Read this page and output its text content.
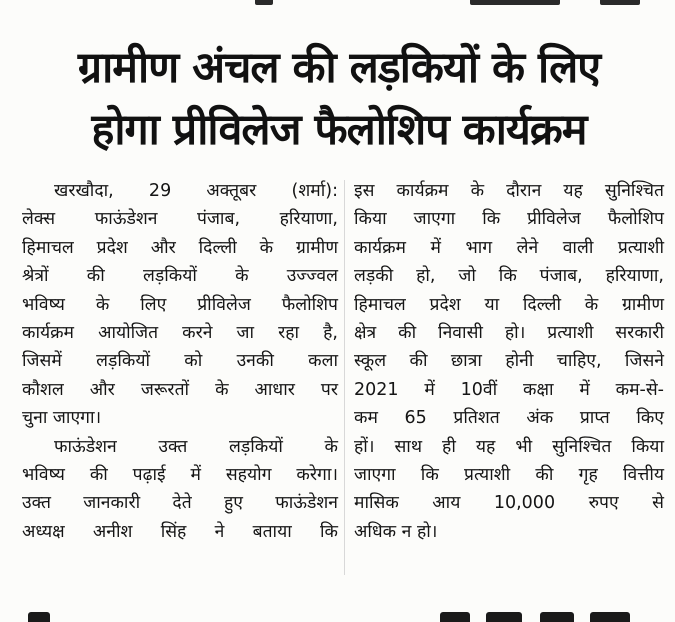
ग्रामीण अंचल की लड़कियों के लिए
होगा प्रीविलेज फैलोशिप कार्यक्रम
खरखौदा, 29 अक्तूबर (शर्मा):
लेक्स फाऊंडेशन पंजाब, हरियाणा,
हिमाचल प्रदेश और दिल्ली के ग्रामीण
श्रेत्रों की लड़कियों के उज्ज्वल
भविष्य के लिए प्रीविलेज फैलोशिप
कार्यक्रम आयोजित करने जा रहा है,
जिसमें लड़कियों को उनकी कला
कौशल और जरूरतों के आधार पर
चुना जाएगा।
फाऊंडेशन उक्त लड़कियों के
भविष्य की पढ़ाई में सहयोग करेगा।
उक्त जानकारी देते हुए फाऊंडेशन
अध्यक्ष अनीश सिंह ने बताया कि
इस कार्यक्रम के दौरान यह सुनिश्चित
किया जाएगा कि प्रीविलेज फैलोशिप
कार्यक्रम में भाग लेने वाली प्रत्याशी
लड़की हो, जो कि पंजाब, हरियाणा,
हिमाचल प्रदेश या दिल्ली के ग्रामीण
क्षेत्र की निवासी हो। प्रत्याशी सरकारी
स्कूल की छात्रा होनी चाहिए, जिसने
2021 में 10वीं कक्षा में कम-से-
कम 65 प्रतिशत अंक प्राप्त किए
हों। साथ ही यह भी सुनिश्चित किया
जाएगा कि प्रत्याशी की गृह वित्तीय
मासिक आय 10,000 रुपए से
अधिक न हो।
